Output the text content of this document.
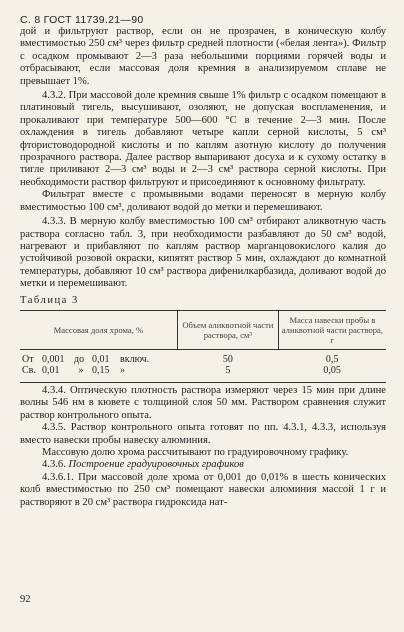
С. 8 ГОСТ 11739.21—90

дой и фильтруют раствор, если он не прозрачен, в коническую колбу вместимостью 250 см³ через фильтр средней плотности («белая лента»). Фильтр с осадком промывают 2—3 раза небольшими порциями горячей воды и отбрасывают, если массовая доля кремния в анализируемом сплаве не превышает 1%.

4.3.2. При массовой доле кремния свыше 1% фильтр с осадком помещают в платиновый тигель, высушивают, озоляют, не допуская воспламенения, и прокаливают при температуре 500—600 °С в течение 2—3 мин. После охлаждения в тигель добавляют четыре капли серной кислоты, 5 см³ фтористоводородной кислоты и по каплям азотную кислоту до получения прозрачного раствора. Далее раствор выпаривают досуха и к сухому остатку в тигле приливают 2—3 см³ воды и 2—3 см³ раствора серной кислоты. При необходимости раствор фильтруют и присоединяют к основному фильтрату.

Фильтрат вместе с промывными водами переносят в мерную колбу вместимостью 100 см³, доливают водой до метки и перемешивают.

4.3.3. В мерную колбу вместимостью 100 см³ отбирают аликвотную часть раствора согласно табл. 3, при необходимости разбавляют до 50 см³ водой, нагревают и прибавляют по каплям раствор марганцовокислого калия до устойчивой розовой окраски, кипятят раствор 5 мин, охлаждают до комнатной температуры, добавляют 10 см³ раствора дифенилкарбазида, доливают водой до метки и перемешивают.

Таблица 3

Массовая доля хрома, %						Объем аликвотной части раствора, см³	Масса навески пробы в аликвотной части раствора, г
От	0,001	до	0,01	включ.		50	0,5
Св.	0,01	»	0,15	»		5	0,05

4.3.4. Оптическую плотность раствора измеряют через 15 мин при длине волны 546 нм в кювете с толщиной слоя 50 мм. Раствором сравнения служит раствор контрольного опыта.

4.3.5. Раствор контрольного опыта готовят по пп. 4.3.1, 4.3.3, используя вместо навески пробы навеску алюминия.

Массовую долю хрома рассчитывают по градуировочному графику.

4.3.6. Построение градуировочных графиков

4.3.6.1. При массовой доле хрома от 0,001 до 0,01% в шесть конических колб вместимостью по 250 см³ помещают навески алюминия массой 1 г и растворяют в 20 см³ раствора гидроксида нат-

92
